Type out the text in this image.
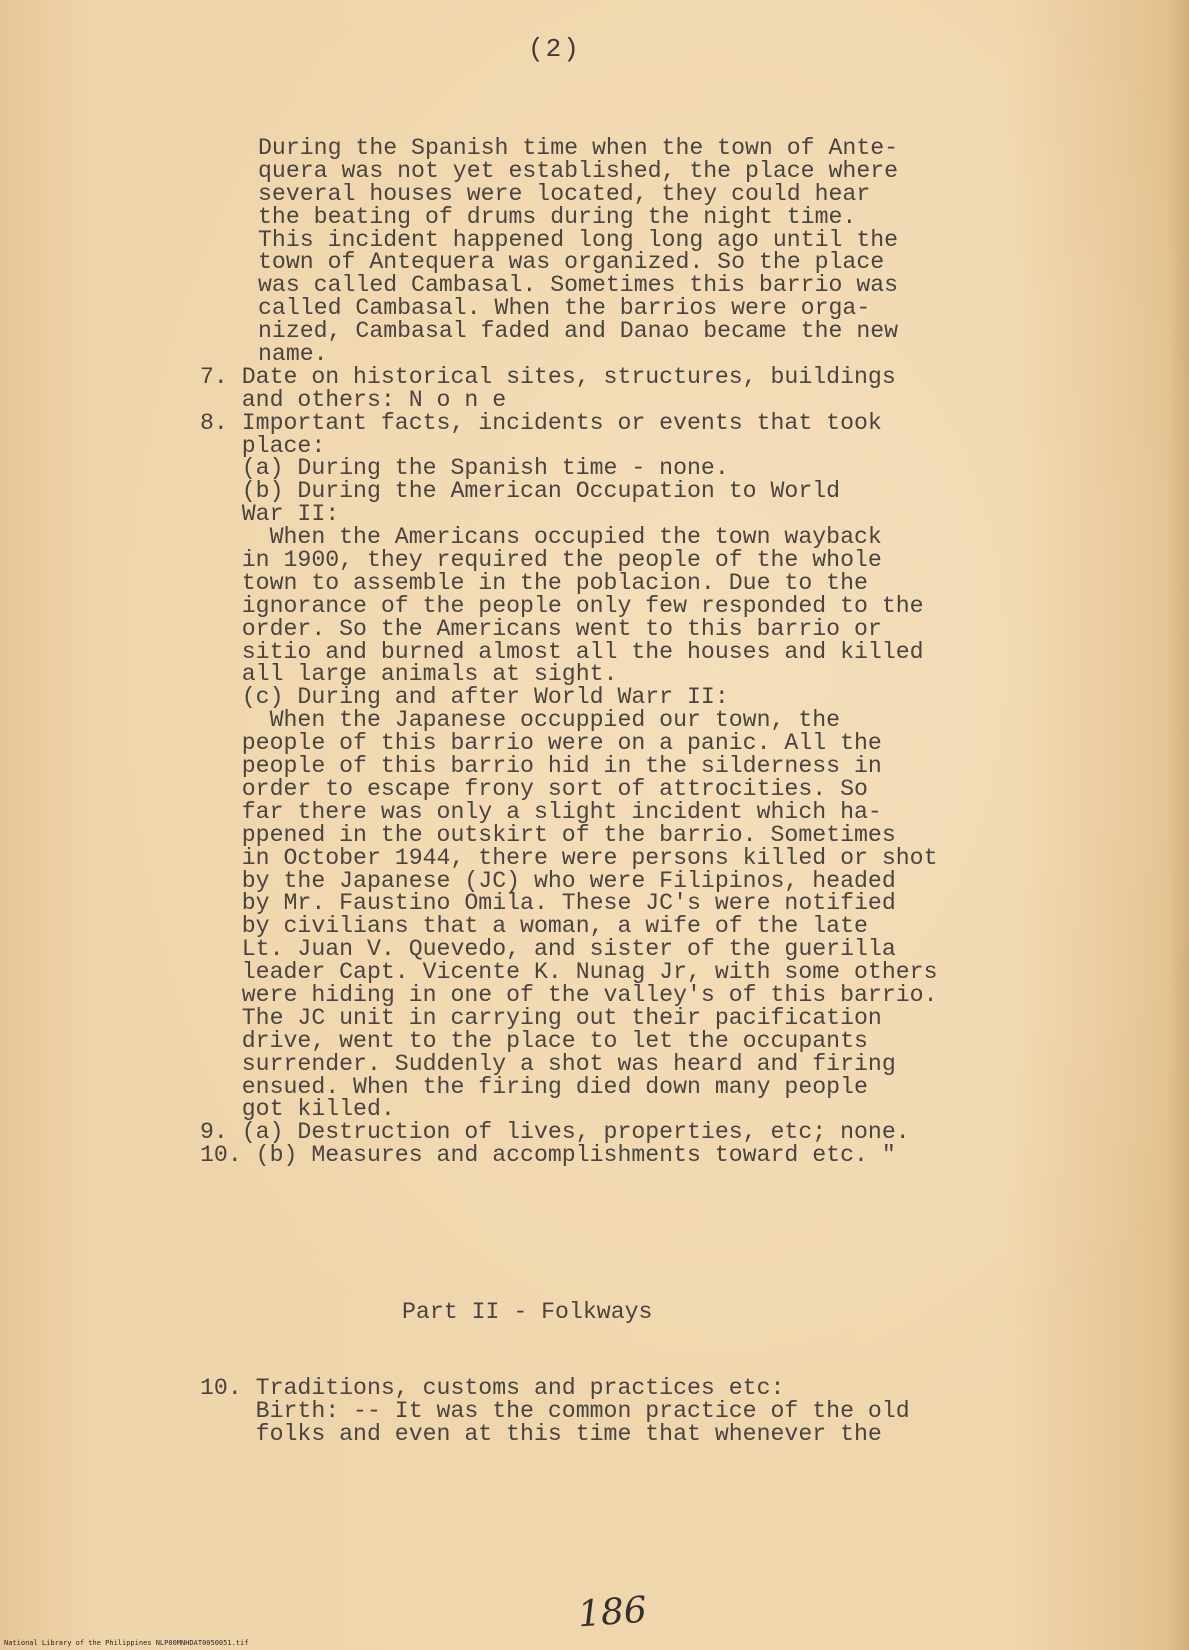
(2)
During the Spanish time when the town of Ante-
quera was not yet established, the place where
several houses were located, they could hear
the beating of drums during the night time.
This incident happened long long ago until the
town of Antequera was organized. So the place
was called Cambasal. Sometimes this barrio was
called Cambasal. When the barrios were orga-
nized, Cambasal faded and Danao became the new
name.
7. Date on historical sites, structures, buildings
and others: N o n e
8. Important facts, incidents or events that took
place:
(a) During the Spanish time - none.
(b) During the American Occupation to World
War II:
When the Americans occupied the town wayback
in 1900, they required the people of the whole
town to assemble in the poblacion. Due to the
ignorance of the people only few responded to the
order. So the Americans went to this barrio or
sitio and burned almost all the houses and killed
all large animals at sight.
(c) During and after World Warr II:
When the Japanese occuppied our town, the
people of this barrio were on a panic. All the
people of this barrio hid in the silderness in
order to escape frony sort of attrocities. So
far there was only a slight incident which ha-
ppened in the outskirt of the barrio. Sometimes
in October 1944, there were persons killed or shot
by the Japanese (JC) who were Filipinos, headed
by Mr. Faustino Omila. These JC's were notified
by civilians that a woman, a wife of the late
Lt. Juan V. Quevedo, and sister of the guerilla
leader Capt. Vicente K. Nunag Jr, with some others
were hiding in one of the valley's of this barrio.
The JC unit in carrying out their pacification
drive, went to the place to let the occupants
surrender. Suddenly a shot was heard and firing
ensued. When the firing died down many people
got killed.
9. (a) Destruction of lives, properties, etc; none.
10. (b) Measures and accomplishments toward etc. "
Part II - Folkways
10. Traditions, customs and practices etc:
Birth: -- It was the common practice of the old
folks and even at this time that whenever the
186
National Library of the Philippines NLP00MNHDAT0050051.tif
